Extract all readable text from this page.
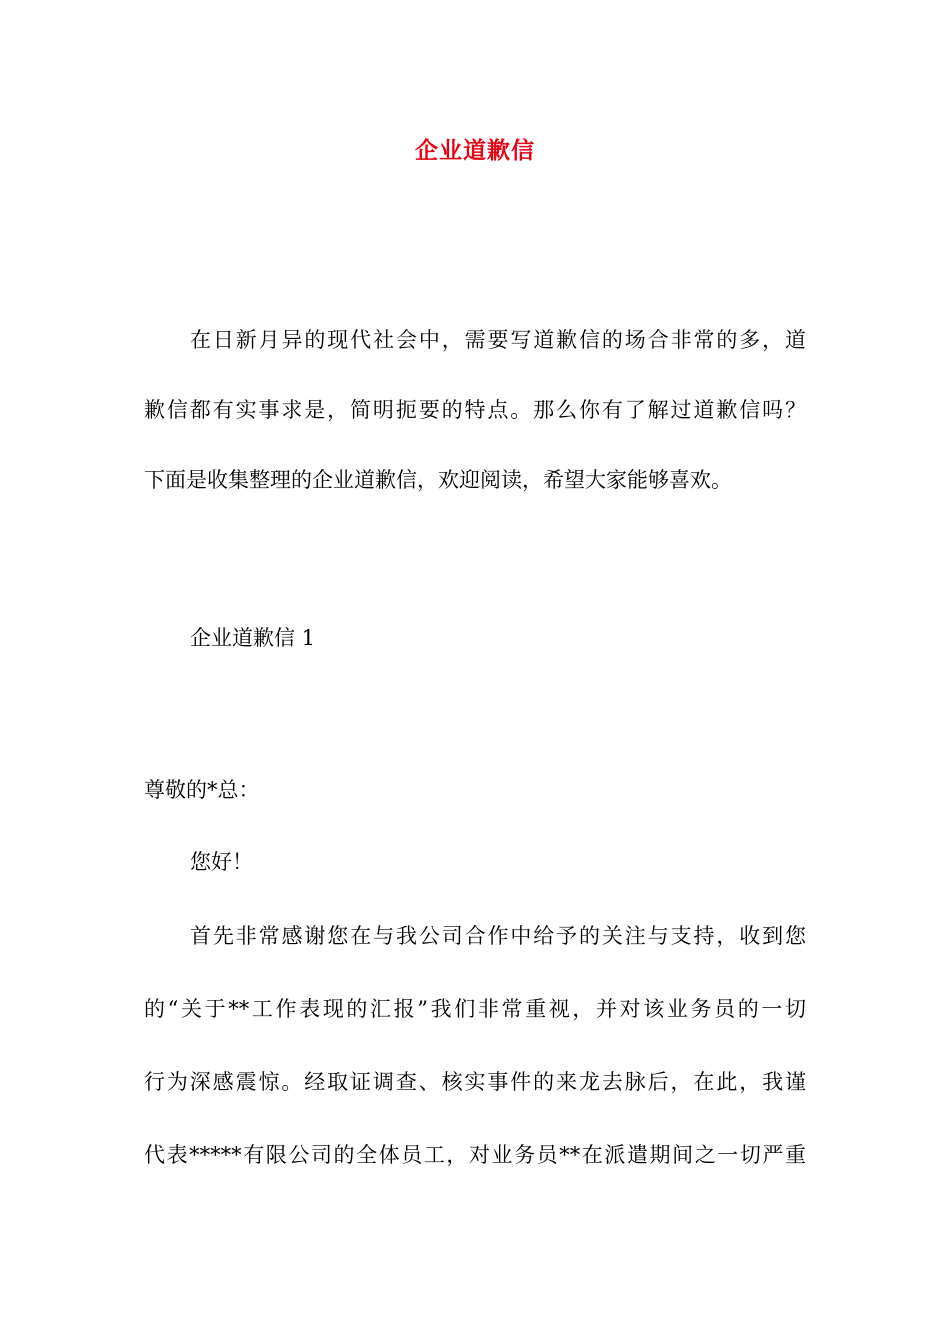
企业道歉信
在日新月异的现代社会中，需要写道歉信的场合非常的多，道
歉信都有实事求是，简明扼要的特点。那么你有了解过道歉信吗？
下面是收集整理的企业道歉信，欢迎阅读，希望大家能够喜欢。
企业道歉信 1
尊敬的*总：
您好！
首先非常感谢您在与我公司合作中给予的关注与支持，收到您
的“关于**工作表现的汇报”我们非常重视，并对该业务员的一切
行为深感震惊。经取证调查、核实事件的来龙去脉后，在此，我谨
代表*****有限公司的全体员工，对业务员**在派遣期间之一切严重
